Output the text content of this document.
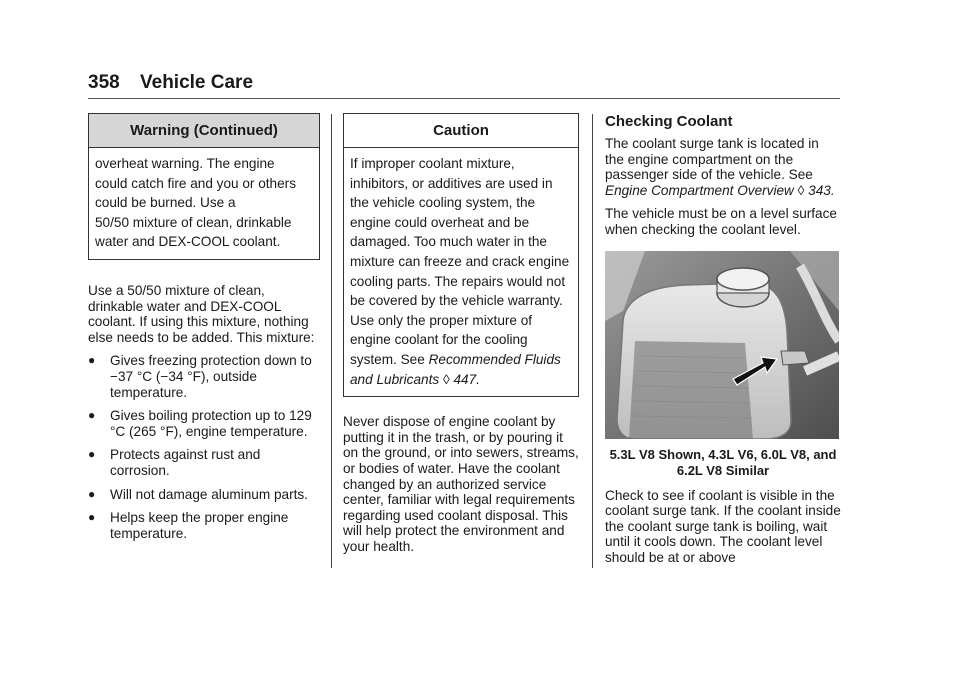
358 Vehicle Care
Warning (Continued)
overheat warning. The engine
could catch fire and you or others
could be burned. Use a
50/50 mixture of clean, drinkable
water and DEX-COOL coolant.

Use a 50/50 mixture of clean, drinkable water and DEX-COOL coolant. If using this mixture, nothing else needs to be added. This mixture:

●	Gives freezing protection down to −37 °C (−34 °F), outside temperature.
●	Gives boiling protection up to 129 °C (265 °F), engine temperature.
●	Protects against rust and corrosion.
●	Will not damage aluminum parts.
●	Helps keep the proper engine temperature.
Caution
If improper coolant mixture, inhibitors, or additives are used in the vehicle cooling system, the engine could overheat and be damaged. Too much water in the mixture can freeze and crack engine cooling parts. The repairs would not be covered by the vehicle warranty. Use only the proper mixture of engine coolant for the cooling system. See Recommended Fluids and Lubricants ◊ 447.

Never dispose of engine coolant by putting it in the trash, or by pouring it on the ground, or into sewers, streams, or bodies of water. Have the coolant changed by an authorized service center, familiar with legal requirements regarding used coolant disposal. This will help protect the environment and your health.

Checking Coolant

The coolant surge tank is located in the engine compartment on the passenger side of the vehicle. See Engine Compartment Overview ◊ 343.

The vehicle must be on a level surface when checking the coolant level.

5.3L V8 Shown, 4.3L V6, 6.0L V8, and 6.2L V8 Similar

Check to see if coolant is visible in the coolant surge tank. If the coolant inside the coolant surge tank is boiling, wait until it cools down. The coolant level should be at or above
